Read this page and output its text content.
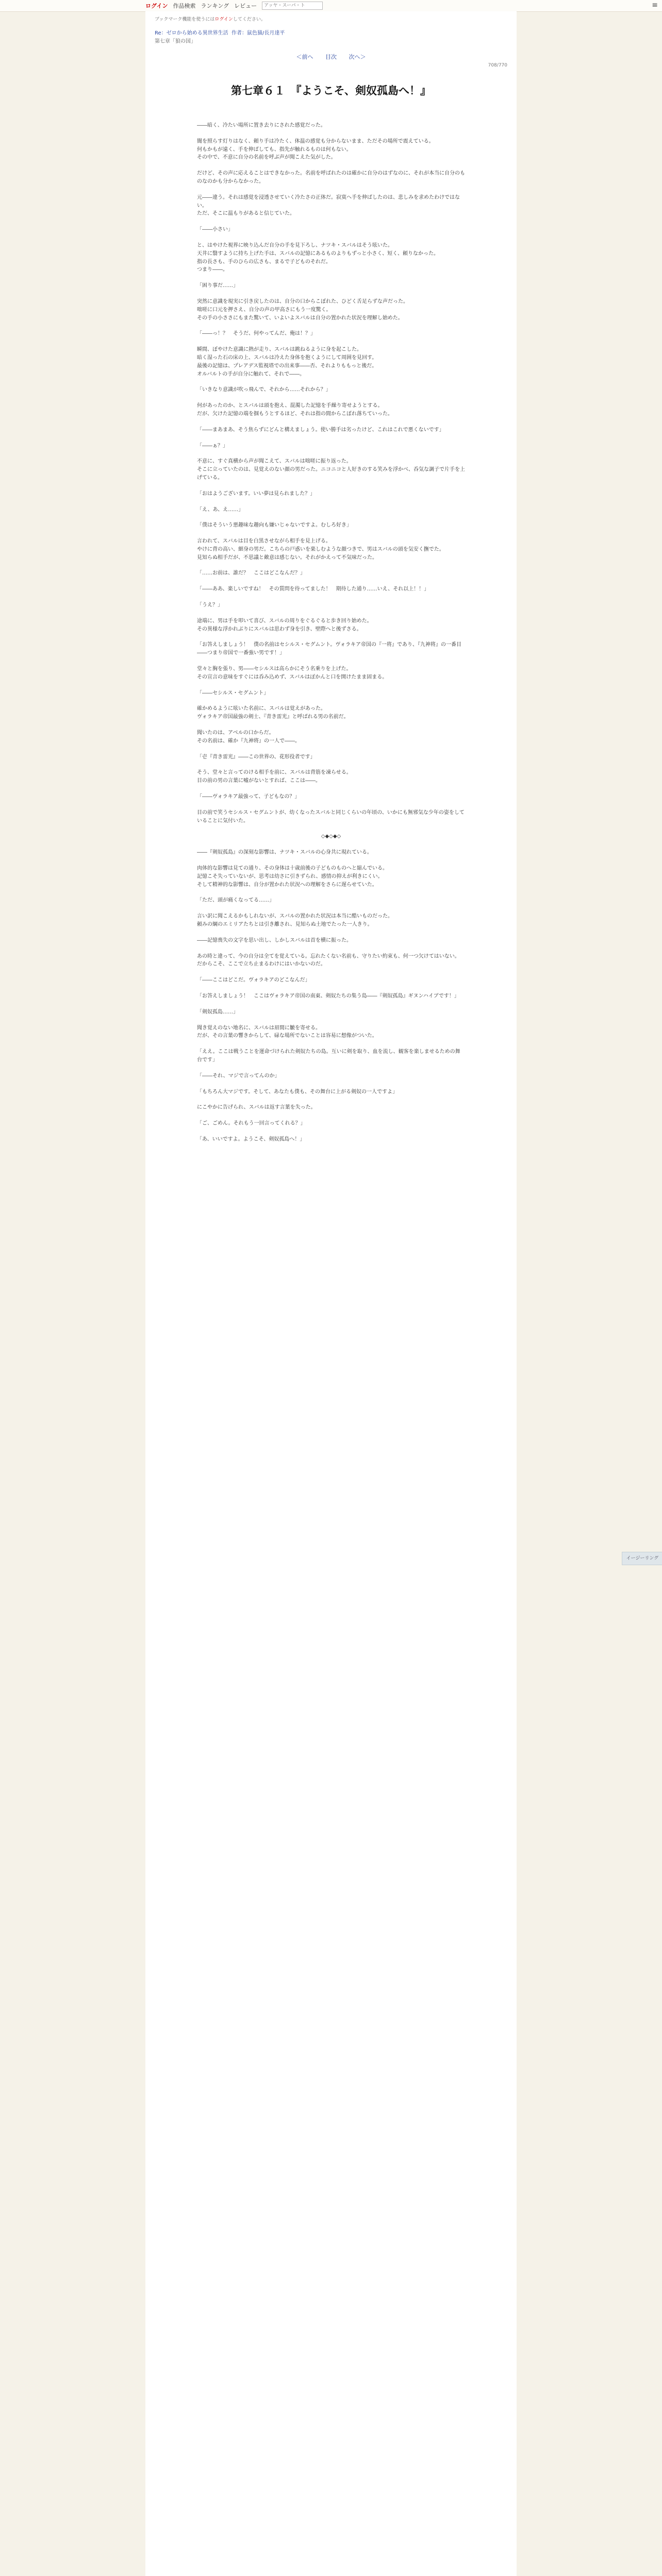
ログイン 作品検索 ランキング レビュー
アッヤ・スーパ・ト	≡
ブックマーク機能を使うにはログインしてください。
Re：ゼロから始める異世界生活 作者：鼠色猫/長月達平
第七章「狼の国」
＜前へ 目次 次へ＞
708/770
第七章６１　『ようこそ、剣奴孤島へ！』

――暗く、冷たい場所に置き去りにされた感覚だった。

闇を照らす灯りはなく、頼り手は冷たく、体温の感覚も分からないまま、ただその場所で震えている。

何もかもが遠く、手を伸ばしても、指先が触れるものは何もない。

その中で、不意に自分の名前を呼ぶ声が聞こえた気がした。

だけど、その声に応えることはできなかった。名前を呼ばれたのは確かに自分のはずなのに、それが本当に自分のものなのかも分からなかった。

元――違う。それは感覚を浸透させていく冷たさの正体だ。寂寞へ手を伸ばしたのは、悲しみを求めたわけではない。

ただ、そこに温もりがあると信じていた。

「――小さい」

と、はやけた視界に映り込んだ自分の手を見下ろし、ナツキ・スバルはそう呟いた。

天井に翳すように持ち上げた手は、スバルの記憶にあるものよりもずっと小さく、短く、頼りなかった。

指の長さも、手のひらの広さも、まるで子どものそれだ。

つまり――。

「困り事だ……」

突然に意識を現実に引き戻したのは、自分の口からこぼれた、ひどく舌足らずな声だった。

咄嗟に口元を押さえ、自分の声の甲高さにもう一度驚く。

その手の小ささにもまた驚いて、いよいよスバルは自分の置かれた状況を理解し始めた。

「――っ！？　そうだ、何やってんだ、俺は！？」

瞬間、ぼやけた意識に熱が走り、スバルは跳ねるように身を起こした。

暗く湿った石の床の上、スバルは冷えた身体を抱くようにして周囲を見回す。

最後の記憶は、プレアデス監視塔での出来事――否、それよりももっと後だ。

オルバルトの手が自分に触れて、それで――。

「いきなり意識が吹っ飛んで、それから……それから？」

何があったのか、とスバルは頭を抱え、混濁した記憶を手繰り寄せようとする。

だが、欠けた記憶の端を掴もうとするほど、それは指の間からこぼれ落ちていった。

「――まあまあ、そう焦らずにどんと構えましょう。使い勝手は劣ったけど、これはこれで悪くないです」

「――ぁ？」

不意に、すぐ真横から声が聞こえて、スバルは咄嗟に振り返った。

そこに立っていたのは、見覚えのない顔の男だった。ニコニコと人好きのする笑みを浮かべ、呑気な調子で片手を上げている。

「おはようございます。いい夢は見られました？」

「え、あ、え……」

「僕はそういう悪趣味な趣向も嫌いじゃないですよ。むしろ好き」

言われて、スバルは目を白黒させながら相手を見上げる。

やけに背の高い、細身の男だ。こちらの戸惑いを楽しむような顔つきで、男はスバルの頭を気安く撫でた。

見知らぬ相手だが、不思議と敵意は感じない。それがかえって不気味だった。

「……お前は、誰だ？　ここはどこなんだ？」

「――ああ、楽しいですね！　その質問を待ってました！　期待した通り……いえ、それ以上！！」

「うえ？」

途端に、男は手を叩いて喜び、スバルの周りをぐるぐると歩き回り始めた。

その異様な浮かれぶりにスバルは思わず身を引き、壁際へと後ずさる。

「お答えしましょう！　僕の名前はセシルス・セグムント。ヴォラキア帝国の『一将』であり、『九神将』の一番目――つまり帝国で一番強い男です！」

堂々と胸を張り、男――セシルスは高らかにそう名乗りを上げた。

その宣言の意味をすぐには呑み込めず、スバルはぽかんと口を開けたまま固まる。

「――セシルス・セグムント」

確かめるように呟いた名前に、スバルは覚えがあった。

ヴォラキア帝国最強の剣士、『青き雷光』と呼ばれる男の名前だ。

聞いたのは、アベルの口からだ。

その名前は、確か『九神将』の一人で――。

「壱『青き雷光』――この世界の、花形役者です」

そう、堂々と言ってのける相手を前に、スバルは背筋を凍らせる。

目の前の男の言葉に嘘がないとすれば、ここは――。

「――ヴォラキア最強って、子どもなの？」

目の前で笑うセシルス・セグムントが、幼くなったスバルと同じくらいの年頃の、いかにも無邪気な少年の姿をしていることに気付いた。

◇◆◇◆◇

――『剣奴孤島』の深刻な影響は、ナツキ・スバルの心身共に現れている。

肉体的な影響は見ての通り、その身体は十歳前後の子どものものへと縮んでいる。

記憶こそ失っていないが、思考は幼さに引きずられ、感情の抑えが利きにくい。

そして精神的な影響は、自分が置かれた状況への理解をさらに遅らせていた。

「ただ、頭が痛くなってる……」

言い訳に聞こえるかもしれないが、スバルの置かれた状況は本当に酷いものだった。

頼みの綱のエミリアたちとは引き離され、見知らぬ土地でたった一人きり。

――記憶喪失の文字を思い出し、しかしスバルは首を横に振った。

あの時と違って、今の自分は全てを覚えている。忘れたくない名前も、守りたい約束も、何一つ欠けてはいない。

だからこそ、ここで立ち止まるわけにはいかないのだ。

「――ここはどこだ。ヴォラキアのどこなんだ」

「お答えしましょう！　ここはヴォラキア帝国の南東、剣奴たちの集う島――『剣奴孤島』ギヌンハイブです！」

「剣奴孤島……」

聞き覚えのない地名に、スバルは眉間に皺を寄せる。

だが、その言葉の響きからして、碌な場所でないことは容易に想像がついた。

「ええ。ここは戦うことを運命づけられた剣奴たちの島。互いに剣を取り、血を流し、観客を楽しませるための舞台です」

「――それ、マジで言ってんのか」

「もちろん大マジです。そして、あなたも僕も、その舞台に上がる剣奴の一人ですよ」

にこやかに告げられ、スバルは返す言葉を失った。

「ご、ごめん。それもう一回言ってくれる？」

「あ、いいですよ。ようこそ、剣奴孤島へ！」

イージーリング
